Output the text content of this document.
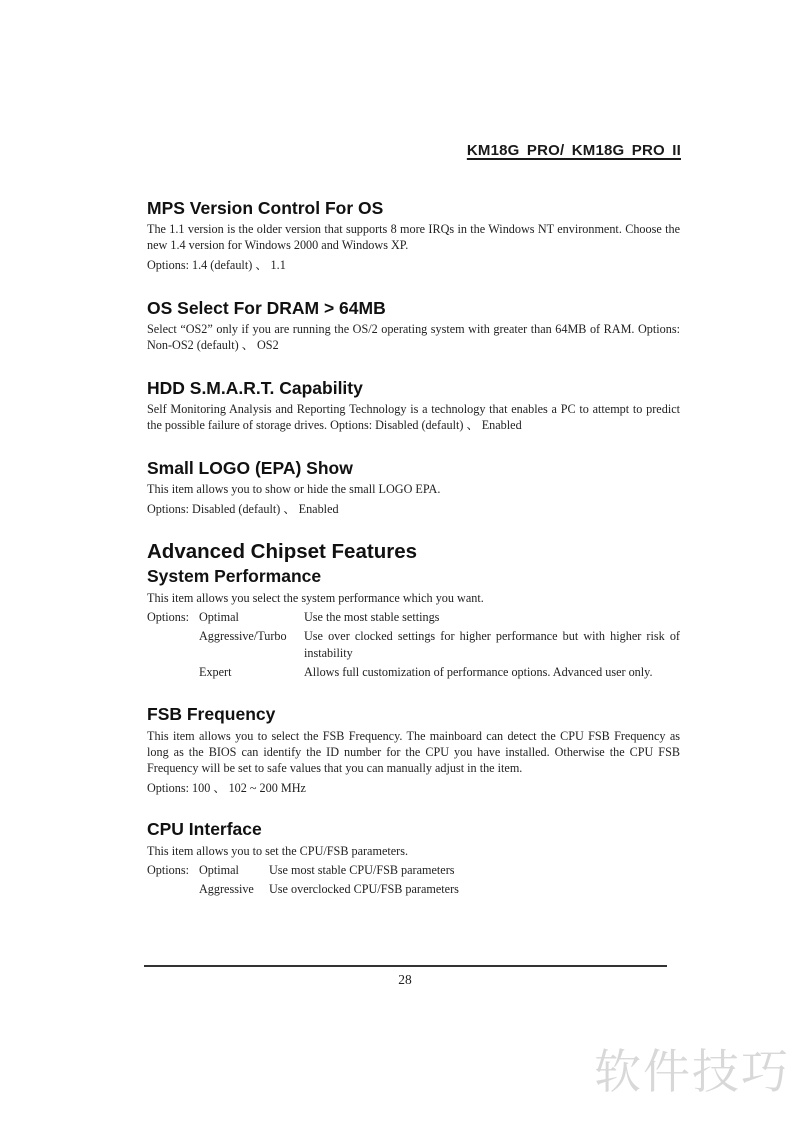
KM18G PRO/ KM18G PRO II
MPS Version Control For OS

The 1.1 version is the older version that supports 8 more IRQs in the Windows NT environment. Choose the new 1.4 version for Windows 2000 and Windows XP.

Options: 1.4 (default) 、 1.1

OS Select For DRAM > 64MB

Select “OS2” only if you are running the OS/2 operating system with greater than 64MB of RAM. Options: Non-OS2 (default) 、 OS2

HDD S.M.A.R.T. Capability

Self Monitoring Analysis and Reporting Technology is a technology that enables a PC to attempt to predict the possible failure of storage drives. Options: Disabled (default) 、 Enabled

Small LOGO (EPA) Show

This item allows you to show or hide the small LOGO EPA.

Options: Disabled (default) 、 Enabled

Advanced Chipset Features
System Performance

This item allows you select the system performance which you want.

Options: Optimal	Use the most stable settings
Aggressive/Turbo	Use over clocked settings for higher performance but with higher risk of instability
Expert	Allows full customization of performance options. Advanced user only.
FSB Frequency

This item allows you to select the FSB Frequency. The mainboard can detect the CPU FSB Frequency as long as the BIOS can identify the ID number for the CPU you have installed. Otherwise the CPU FSB Frequency will be set to safe values that you can manually adjust in the item.

Options: 100 、 102 ~ 200 MHz

CPU Interface

This item allows you to set the CPU/FSB parameters.

Options: Optimal	Use most stable CPU/FSB parameters
Aggressive	Use overclocked CPU/FSB parameters
28
软件技巧
